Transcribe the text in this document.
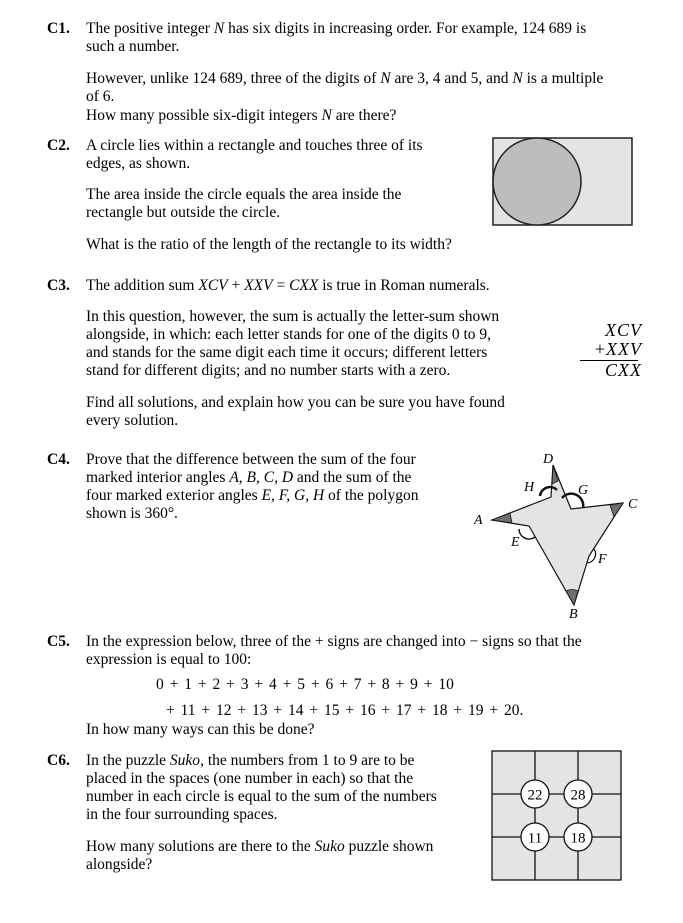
C1. The positive integer N has six digits in increasing order. For example, 124 689 is
such a number.
However, unlike 124 689, three of the digits of N are 3, 4 and 5, and N is a multiple
of 6.
How many possible six-digit integers N are there?
C2. A circle lies within a rectangle and touches three of its
edges, as shown.
The area inside the circle equals the area inside the
rectangle but outside the circle.
What is the ratio of the length of the rectangle to its width?
C3. The addition sum XCV + XXV = CXX is true in Roman numerals.
In this question, however, the sum is actually the letter-sum shown
alongside, in which: each letter stands for one of the digits 0 to 9,
and stands for the same digit each time it occurs; different letters
stand for different digits; and no number starts with a zero.
Find all solutions, and explain how you can be sure you have found
every solution.
XCV
+XXV
CXX
C4. Prove that the difference between the sum of the four
marked interior angles A, B, C, D and the sum of the
four marked exterior angles E, F, G, H of the polygon
shown is 360°.	A
D
H	G
C
E
F
B
C5. In the expression below, three of the + signs are changed into − signs so that the
expression is equal to 100:
0 + 1 + 2 + 3 + 4 + 5 + 6 + 7 + 8 + 9 + 10
+ 11 + 12 + 13 + 14 + 15 + 16 + 17 + 18 + 19 + 20.
In how many ways can this be done?
C6. In the puzzle Suko, the numbers from 1 to 9 are to be
placed in the spaces (one number in each) so that the
number in each circle is equal to the sum of the numbers
in the four surrounding spaces.
How many solutions are there to the Suko puzzle shown
alongside?
22 28
11 18
